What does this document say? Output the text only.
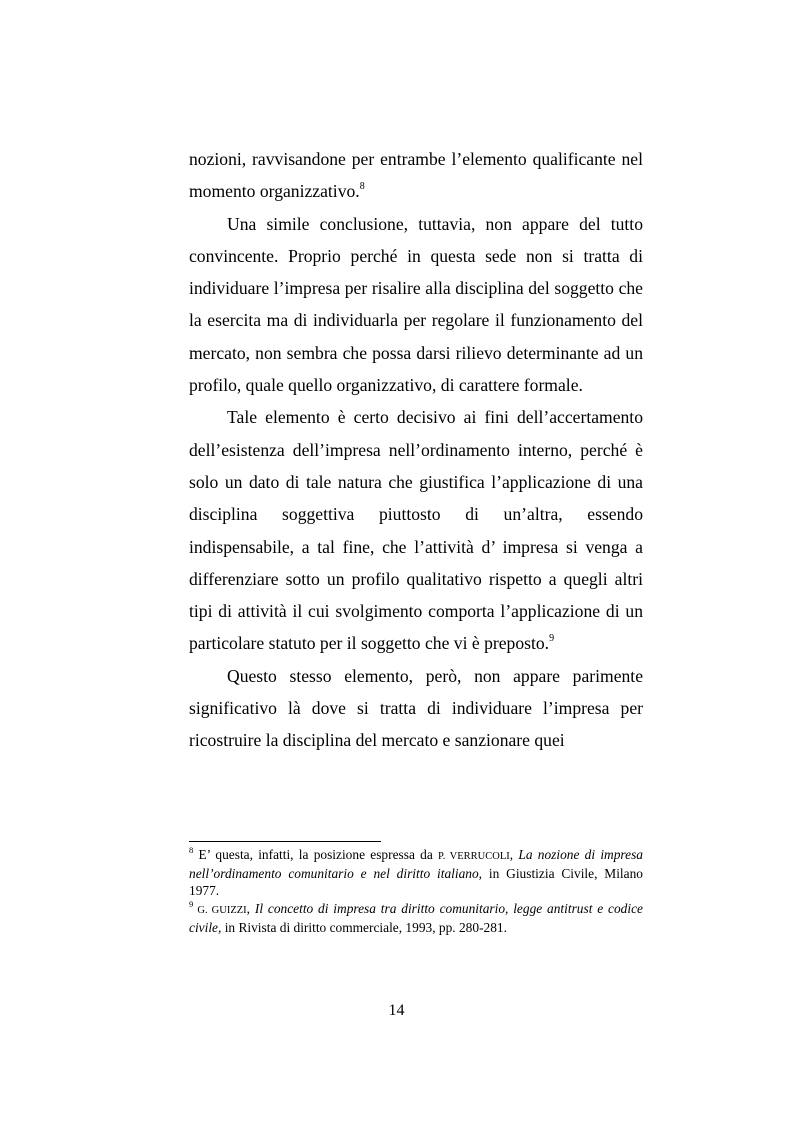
nozioni, ravvisandone per entrambe l’elemento qualificante nel momento organizzativo.$^8$

Una simile conclusione, tuttavia, non appare del tutto convincente. Proprio perché in questa sede non si tratta di individuare l’impresa per risalire alla disciplina del soggetto che la esercita ma di individuarla per regolare il funzionamento del mercato, non sembra che possa darsi rilievo determinante ad un profilo, quale quello organizzativo, di carattere formale.

Tale elemento è certo decisivo ai fini dell’accertamento dell’esistenza dell’impresa nell’ordinamento interno, perché è solo un dato di tale natura che giustifica l’applicazione di una disciplina soggettiva piuttosto di un’altra, essendo indispensabile, a tal fine, che l’attività d’ impresa si venga a differenziare sotto un profilo qualitativo rispetto a quegli altri tipi di attività il cui svolgimento comporta l’applicazione di un particolare statuto per il soggetto che vi è preposto.$^9$

Questo stesso elemento, però, non appare parimente significativo là dove si tratta di individuare l’impresa per ricostruire la disciplina del mercato e sanzionare quei

$^8$ E’ questa, infatti, la posizione espressa da P. VERRUCOLI, La nozione di impresa nell’ordinamento comunitario e nel diritto italiano, in Giustizia Civile, Milano 1977.

$^9$ G. GUIZZI, Il concetto di impresa tra diritto comunitario, legge antitrust e codice civile, in Rivista di diritto commerciale, 1993, pp. 280-281.

14
